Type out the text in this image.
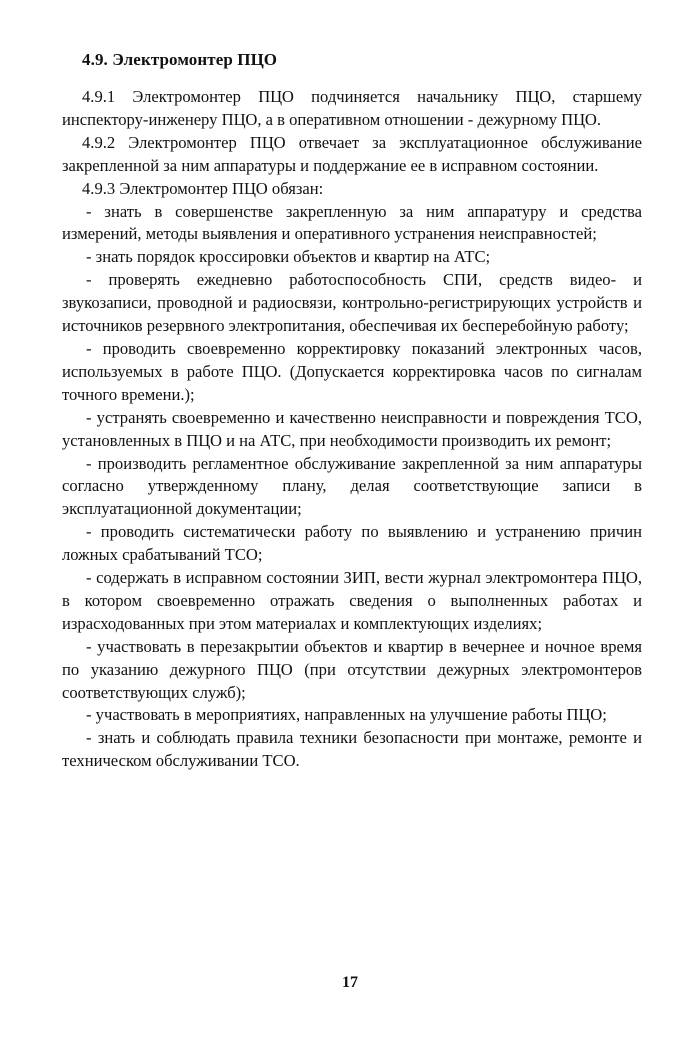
4.9. Электромонтер ПЦО

4.9.1 Электромонтер ПЦО подчиняется начальнику ПЦО, старшему инспектору-инженеру ПЦО, а в оперативном отношении - дежурному ПЦО.

4.9.2 Электромонтер ПЦО отвечает за эксплуатационное обслуживание закрепленной за ним аппаратуры и поддержание ее в исправном состоянии.

4.9.3 Электромонтер ПЦО обязан:

- знать в совершенстве закрепленную за ним аппаратуру и средства измерений, методы выявления и оперативного устранения неисправностей;

- знать порядок кроссировки объектов и квартир на АТС;

- проверять ежедневно работоспособность СПИ, средств видео- и звукозаписи, проводной и радиосвязи, контрольно-регистрирующих устройств и источников резервного электропитания, обеспечивая их бесперебойную работу;

- проводить своевременно корректировку показаний электронных часов, используемых в работе ПЦО. (Допускается корректировка часов по сигналам точного времени.);

- устранять своевременно и качественно неисправности и повреждения ТСО, установленных в ПЦО и на АТС, при необходимости производить их ремонт;

- производить регламентное обслуживание закрепленной за ним аппаратуры согласно утвержденному плану, делая соответствующие записи в эксплуатационной документации;

- проводить систематически работу по выявлению и устранению причин ложных срабатываний ТСО;

- содержать в исправном состоянии ЗИП, вести журнал электромонтера ПЦО, в котором своевременно отражать сведения о выполненных работах и израсходованных при этом материалах и комплектующих изделиях;

- участвовать в перезакрытии объектов и квартир в вечернее и ночное время по указанию дежурного ПЦО (при отсутствии дежурных электромонтеров соответствующих служб);

- участвовать в мероприятиях, направленных на улучшение работы ПЦО;

- знать и соблюдать правила техники безопасности при монтаже, ремонте и техническом обслуживании ТСО.

17
